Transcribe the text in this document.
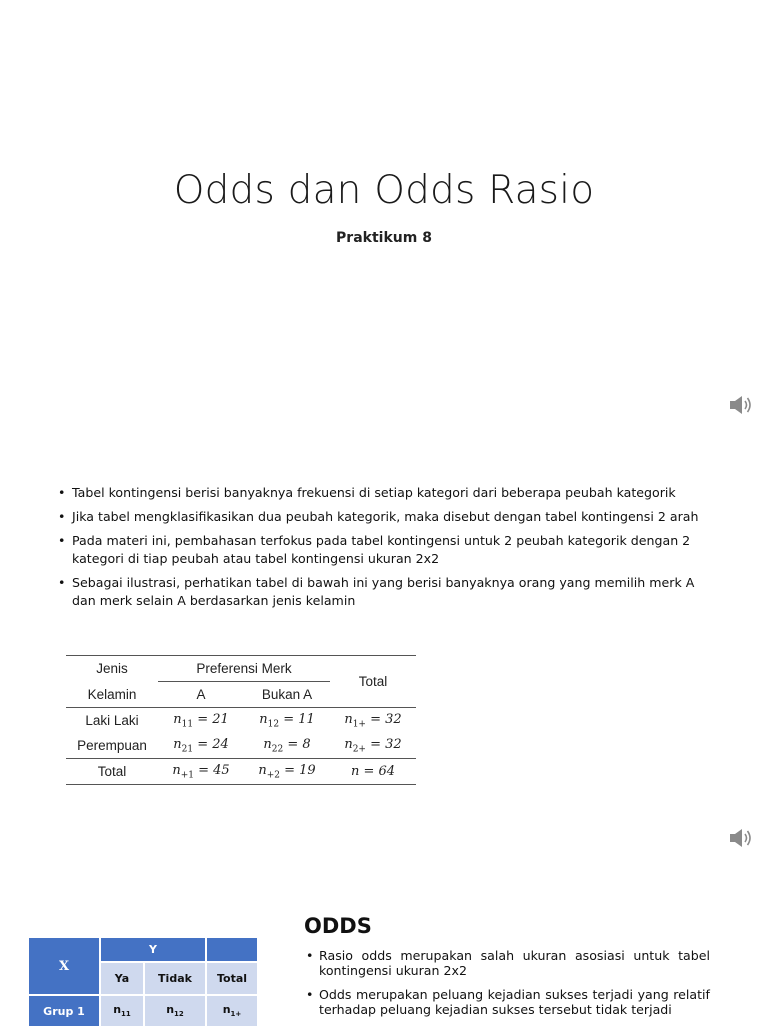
Odds dan Odds Rasio
Praktikum 8
• Tabel kontingensi berisi banyaknya frekuensi di setiap kategori dari beberapa peubah kategorik
• Jika tabel mengklasifikasikan dua peubah kategorik, maka disebut dengan tabel kontingensi 2 arah
• Pada materi ini, pembahasan terfokus pada tabel kontingensi untuk 2 peubah kategorik dengan 2 kategori di tiap peubah atau tabel kontingensi ukuran 2x2
• Sebagai ilustrasi, perhatikan tabel di bawah ini yang berisi banyaknya orang yang memilih merk A dan merk selain A berdasarkan jenis kelamin
Jenis	Preferensi Merk		Total
Kelamin	A	Bukan A	
Laki Laki	$n_{11} = 21$	$n_{12} = 11$	$n_{1+} = 32$
Perempuan	$n_{21} = 24$	$n_{22} = 8$	$n_{2+} = 32$
Total	$n_{+1} = 45$	$n_{+2} = 19$	n = 64
X	Y		
	Ya	Tidak	Total
Grup 1	$n_{11}$	$n_{12}$	$n_{1+}$
ODDS
• Rasio odds merupakan salah ukuran asosiasi untuk tabel kontingensi ukuran 2x2
• Odds merupakan peluang kejadian sukses terjadi yang relatif terhadap peluang kejadian sukses tersebut tidak terjadi
